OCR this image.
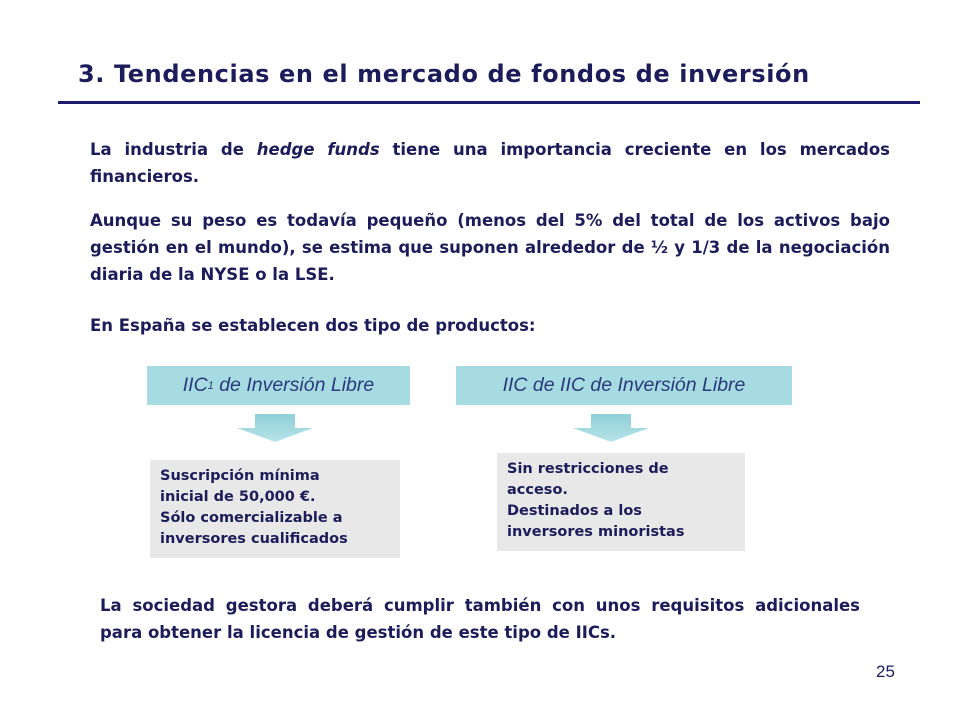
3. Tendencias en el mercado de fondos de inversión
La industria de hedge funds tiene una importancia creciente en los mercados financieros.
Aunque su peso es todavía pequeño (menos del 5% del total de los activos bajo gestión en el mundo), se estima que suponen alrededor de ½ y 1/3 de la negociación diaria de la NYSE o la LSE.
En España se establecen dos tipo de productos:
IIC 1 de Inversión Libre	IIC de IIC de Inversión Libre
Suscripción mínima
inicial de 50,000 €.
Sólo comercializable a
inversores cualificados
Sin restricciones de
acceso.
Destinados a los
inversores minoristas
La sociedad gestora deberá cumplir también con unos requisitos adicionales para obtener la licencia de gestión de este tipo de IICs.
25
